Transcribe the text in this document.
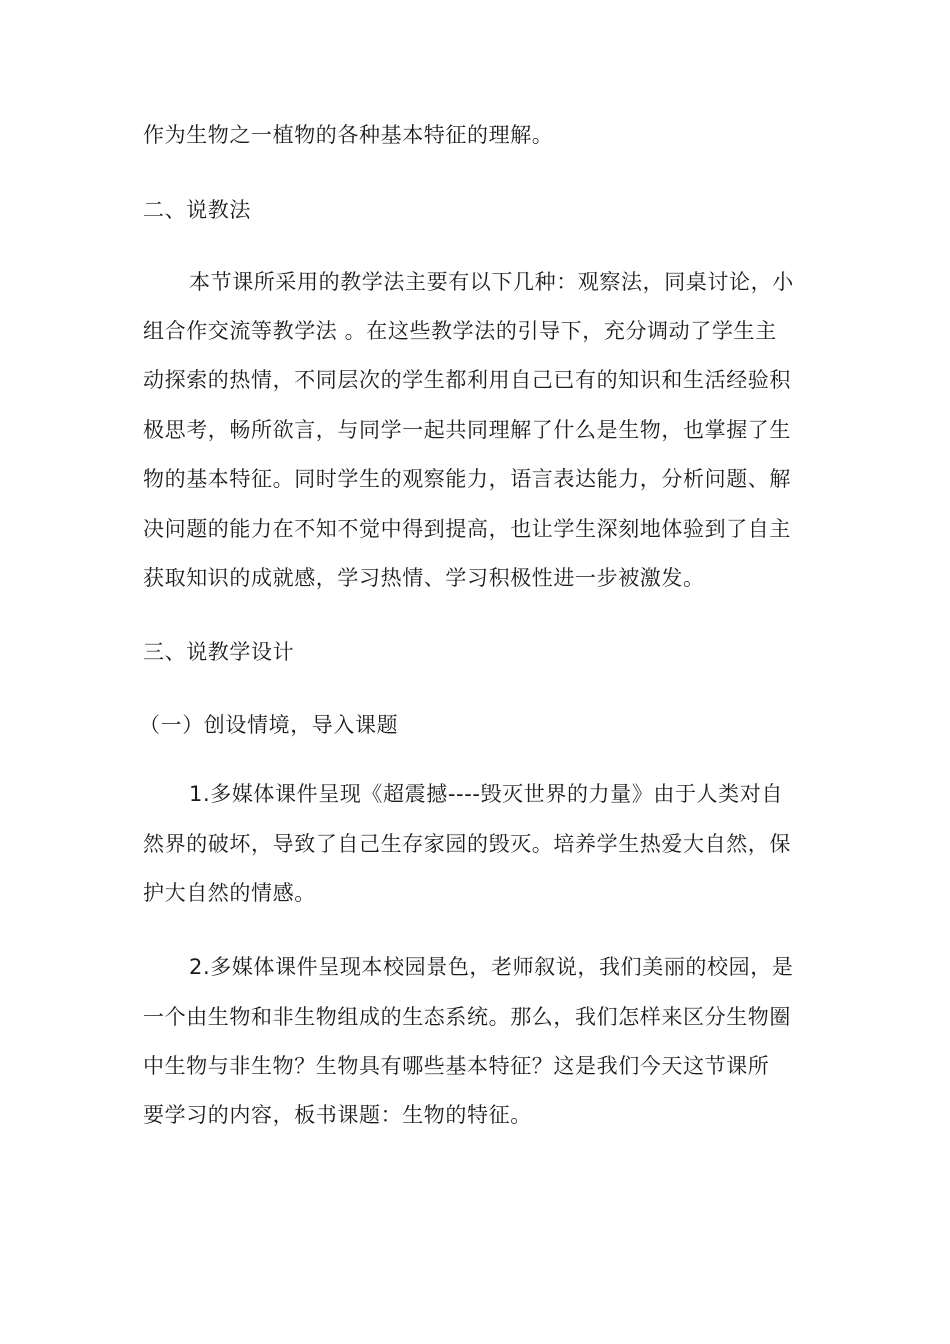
作为生物之一植物的各种基本特征的理解。
二、说教法
本节课所采用的教学法主要有以下几种：观察法，同桌讨论，小
组合作交流等教学法 。在这些教学法的引导下，充分调动了学生主
动探索的热情，不同层次的学生都利用自己已有的知识和生活经验积
极思考，畅所欲言，与同学一起共同理解了什么是生物，也掌握了生
物的基本特征。同时学生的观察能力，语言表达能力，分析问题、解
决问题的能力在不知不觉中得到提高，也让学生深刻地体验到了自主
获取知识的成就感，学习热情、学习积极性进一步被激发。
三、说教学设计
（一）创设情境，导入课题
1.多媒体课件呈现《超震撼----毁灭世界的力量》由于人类对自
然界的破坏，导致了自己生存家园的毁灭。培养学生热爱大自然，保
护大自然的情感。
2.多媒体课件呈现本校园景色，老师叙说，我们美丽的校园，是
一个由生物和非生物组成的生态系统。那么，我们怎样来区分生物圈
中生物与非生物？生物具有哪些基本特征？这是我们今天这节课所
要学习的内容，板书课题：生物的特征。
